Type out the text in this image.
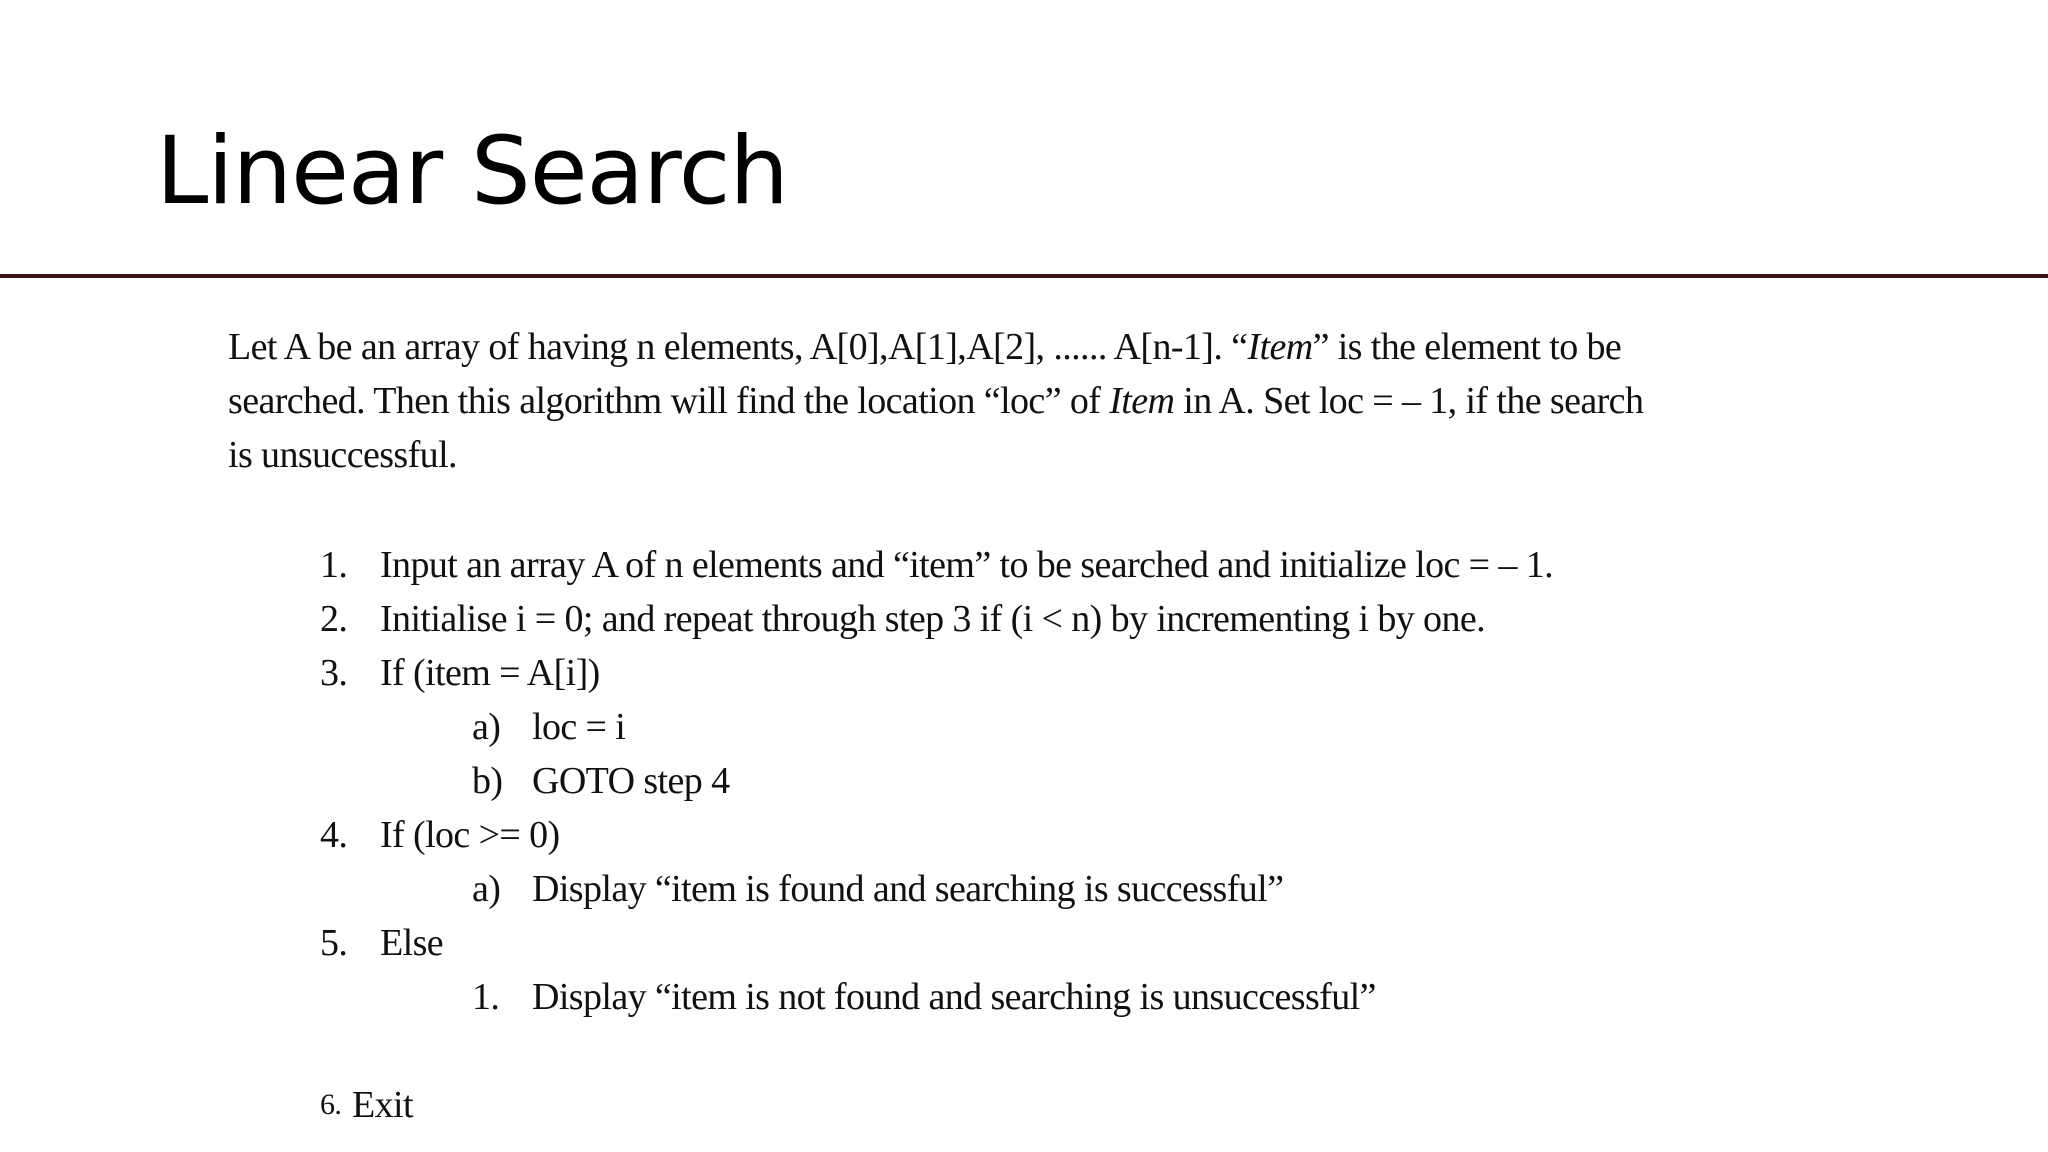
Linear Search

Let A be an array of having n elements, A[0],A[1],A[2], ...... A[n-1]. “Item” is the element to be
searched. Then this algorithm will find the location “loc” of Item in A. Set loc = – 1, if the search
is unsuccessful.

1. Input an array A of n elements and “item” to be searched and initialize loc = – 1.
2. Initialise i = 0; and repeat through step 3 if (i < n) by incrementing i by one.
3. If (item = A[i])
a) loc = i
b) GOTO step 4
4. If (loc >= 0)
a) Display “item is found and searching is successful”
5. Else
1. Display “item is not found and searching is unsuccessful”
6. Exit
